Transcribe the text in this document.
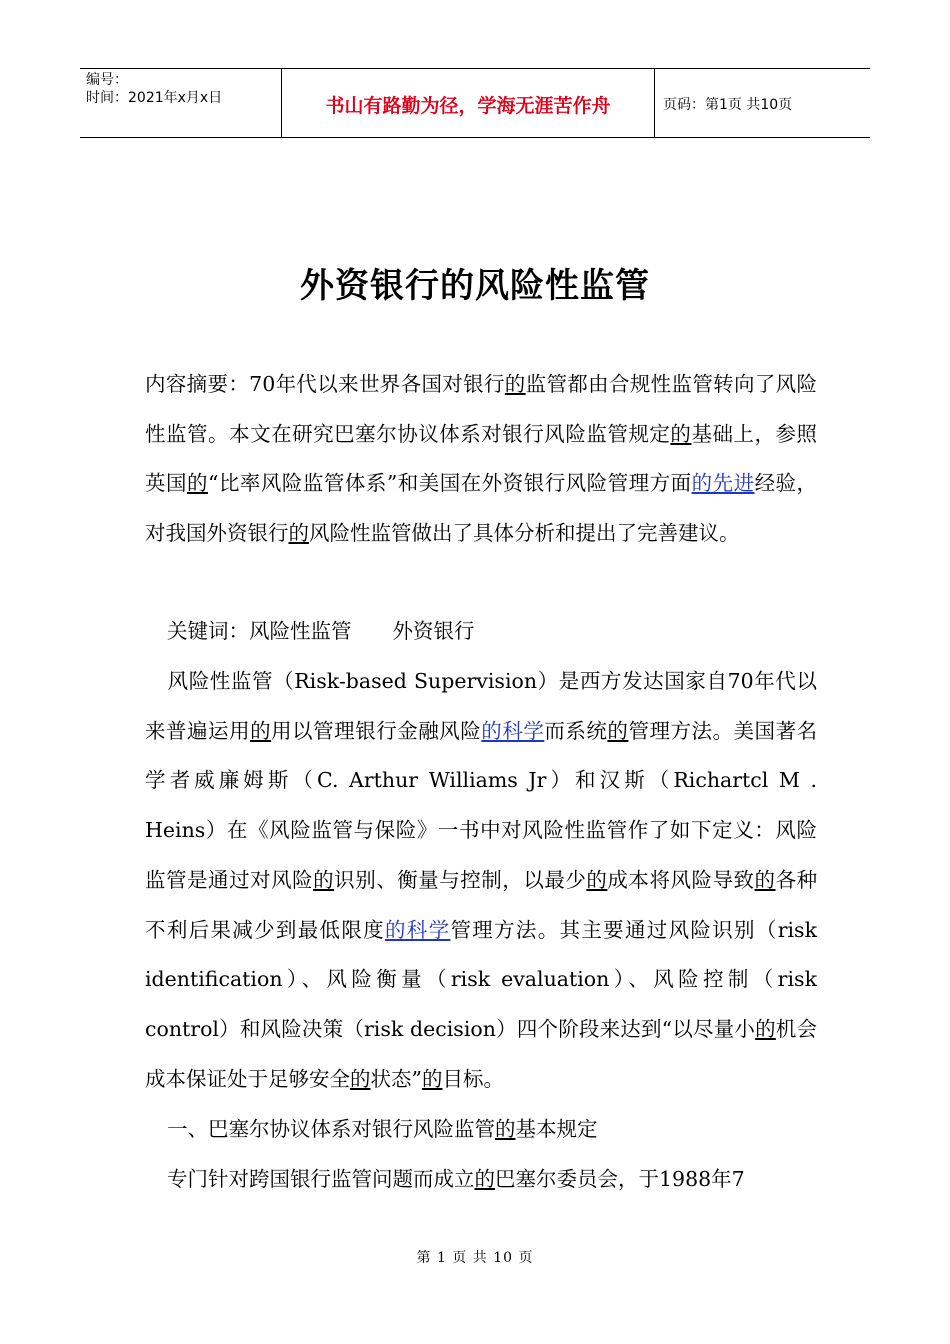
编号：
时间：2021年x月x日	书山有路勤为径，学海无涯苦作舟	页码：第1页 共10页
外资银行的风险性监管
内容摘要：70年代以来世界各国对银行的监管都由合规性监管转向了风险性监管。本文在研究巴塞尔协议体系对银行风险监管规定的基础上，参照英国的“比率风险监管体系”和美国在外资银行风险管理方面的先进经验，对我国外资银行的风险性监管做出了具体分析和提出了完善建议。
关键词：风险性监管　　外资银行
风险性监管（Risk-based Supervision）是西方发达国家自70年代以来普遍运用的用以管理银行金融风险的科学而系统的管理方法。美国著名学者威廉姆斯（C. Arthur Williams Jr）和汉斯（Richartcl M . Heins）在《风险监管与保险》一书中对风险性监管作了如下定义：风险监管是通过对风险的识别、衡量与控制，以最少的成本将风险导致的各种不利后果减少到最低限度的科学管理方法。其主要通过风险识别（risk identification）、风险衡量（risk evaluation）、风险控制（risk control）和风险决策（risk decision）四个阶段来达到“以尽量小的机会成本保证处于足够安全的状态”的目标。
一、巴塞尔协议体系对银行风险监管的基本规定
专门针对跨国银行监管问题而成立的巴塞尔委员会，于1988年7
第 1 页 共 10 页
